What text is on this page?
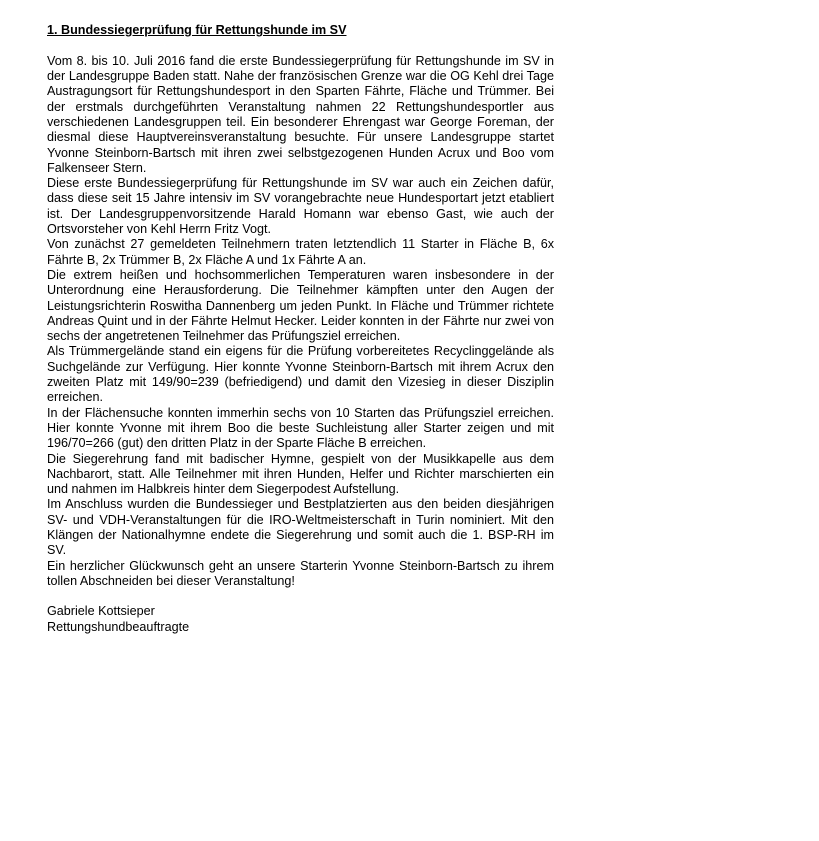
1. Bundessiegerprüfung für Rettungshunde im SV

Vom 8. bis 10. Juli 2016 fand die erste Bundessiegerprüfung für Rettungshunde im SV in der Landesgruppe Baden statt. Nahe der französischen Grenze war die OG Kehl drei Tage Austragungsort für Rettungshundesport in den Sparten Fährte, Fläche und Trümmer. Bei der erstmals durchgeführten Veranstaltung nahmen 22 Rettungshundesportler aus verschiedenen Landesgruppen teil. Ein besonderer Ehrengast war George Foreman, der diesmal diese Hauptvereinsveranstaltung besuchte. Für unsere Landesgruppe startet Yvonne Steinborn-Bartsch mit ihren zwei selbstgezogenen Hunden Acrux und Boo vom Falkenseer Stern.

Diese erste Bundessiegerprüfung für Rettungshunde im SV war auch ein Zeichen dafür, dass diese seit 15 Jahre intensiv im SV vorangebrachte neue Hundesportart jetzt etabliert ist. Der Landesgruppenvorsitzende Harald Homann war ebenso Gast, wie auch der Ortsvorsteher von Kehl Herrn Fritz Vogt.

Von zunächst 27 gemeldeten Teilnehmern traten letztendlich 11 Starter in Fläche B, 6x Fährte B, 2x Trümmer B, 2x Fläche A und 1x Fährte A an.

Die extrem heißen und hochsommerlichen Temperaturen waren insbesondere in der Unterordnung eine Herausforderung. Die Teilnehmer kämpften unter den Augen der Leistungsrichterin Roswitha Dannenberg um jeden Punkt. In Fläche und Trümmer richtete Andreas Quint und in der Fährte Helmut Hecker. Leider konnten in der Fährte nur zwei von sechs der angetretenen Teilnehmer das Prüfungsziel erreichen.

Als Trümmergelände stand ein eigens für die Prüfung vorbereitetes Recyclinggelände als Suchgelände zur Verfügung. Hier konnte Yvonne Steinborn-Bartsch mit ihrem Acrux den zweiten Platz mit 149/90=239 (befriedigend) und damit den Vizesieg in dieser Disziplin erreichen.

In der Flächensuche konnten immerhin sechs von 10 Starten das Prüfungsziel erreichen. Hier konnte Yvonne mit ihrem Boo die beste Suchleistung aller Starter zeigen und mit 196/70=266 (gut) den dritten Platz in der Sparte Fläche B erreichen.

Die Siegerehrung fand mit badischer Hymne, gespielt von der Musikkapelle aus dem Nachbarort, statt. Alle Teilnehmer mit ihren Hunden, Helfer und Richter marschierten ein und nahmen im Halbkreis hinter dem Siegerpodest Aufstellung.

Im Anschluss wurden die Bundessieger und Bestplatzierten aus den beiden diesjährigen SV- und VDH-Veranstaltungen für die IRO-Weltmeisterschaft in Turin nominiert. Mit den Klängen der Nationalhymne endete die Siegerehrung und somit auch die 1. BSP-RH im SV.

Ein herzlicher Glückwunsch geht an unsere Starterin Yvonne Steinborn-Bartsch zu ihrem tollen Abschneiden bei dieser Veranstaltung!

Gabriele Kottsieper

Rettungshundbeauftragte
